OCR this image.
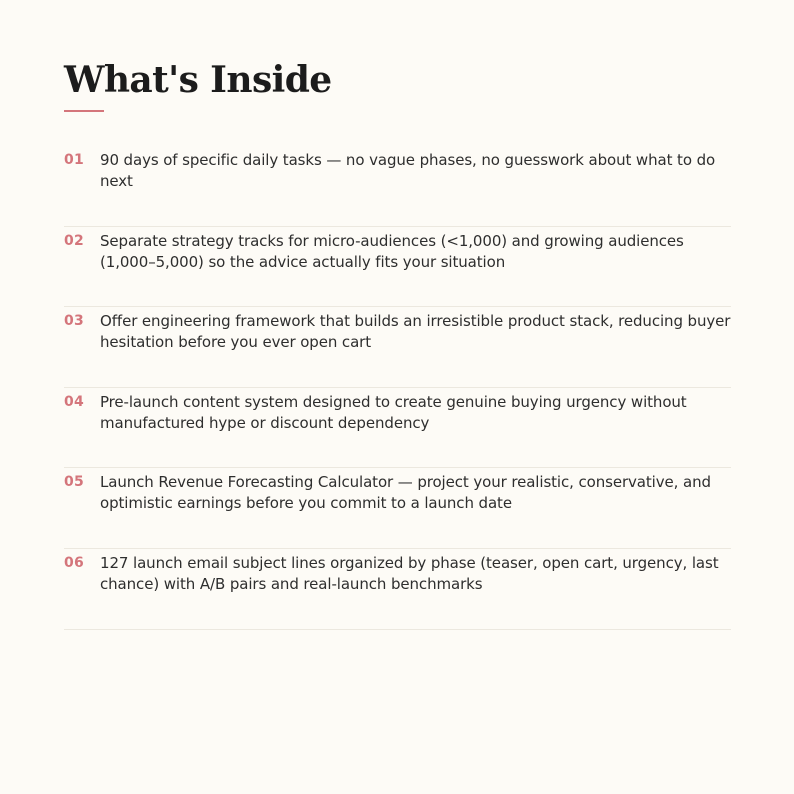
What's Inside
01	90 days of specific daily tasks — no vague phases, no guesswork about what to do next
02	Separate strategy tracks for micro-audiences (<1,000) and growing audiences (1,000–5,000) so the advice actually fits your situation
03	Offer engineering framework that builds an irresistible product stack, reducing buyer hesitation before you ever open cart
04	Pre-launch content system designed to create genuine buying urgency without manufactured hype or discount dependency
05	Launch Revenue Forecasting Calculator — project your realistic, conservative, and optimistic earnings before you commit to a launch date
06	127 launch email subject lines organized by phase (teaser, open cart, urgency, last chance) with A/B pairs and real-launch benchmarks
